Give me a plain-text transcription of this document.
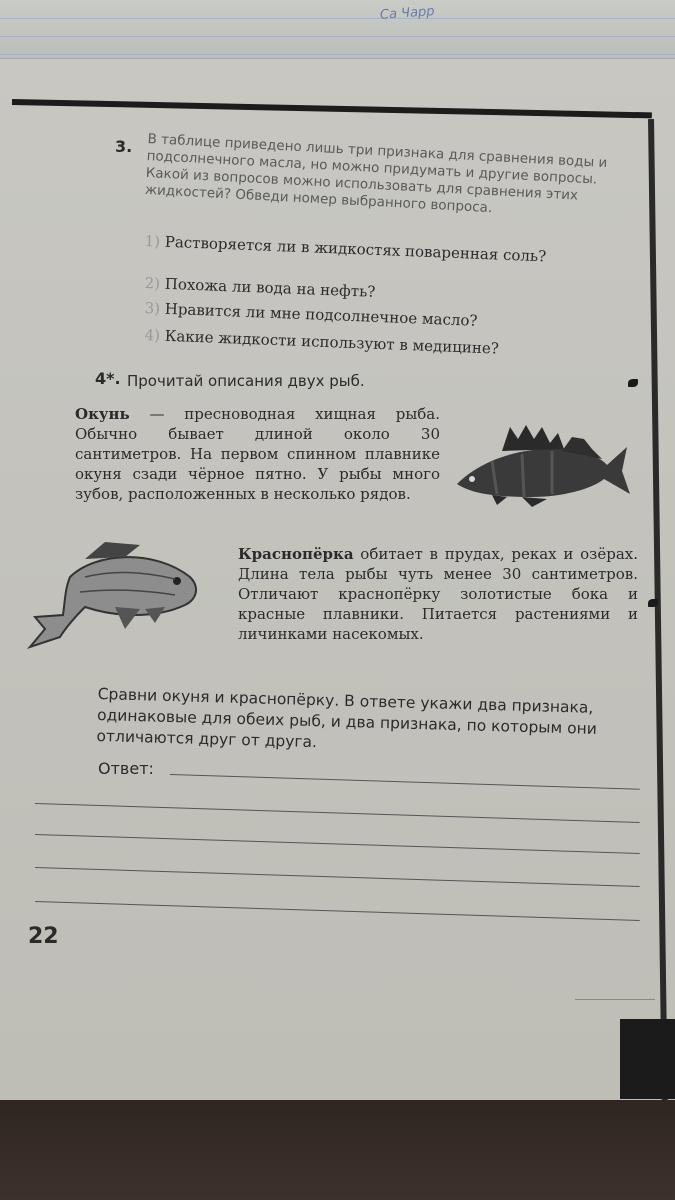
Са Чарр
3. В таблице приведено лишь три признака для сравнения воды и подсолнечного масла, но можно придумать и другие вопросы. Какой из вопросов можно использовать для сравнения этих жидкостей? Обведи номер выбранного вопроса.
1) Растворяется ли в жидкостях поваренная соль?
2) Похожа ли вода на нефть?
3) Нравится ли мне подсолнечное масло?
4) Какие жидкости используют в медицине?
4*. Прочитай описания двух рыб.
Окунь — пресноводная хищная рыба. Обычно бывает длиной около 30 сантиметров. На первом спинном плавнике окуня сзади чёрное пятно. У рыбы много зубов, расположенных в несколько рядов.
Краснопёрка обитает в прудах, реках и озёрах. Длина тела рыбы чуть менее 30 сантиметров. Отличают краснопёрку золотистые бока и красные плавники. Питается растениями и личинками насекомых.
Сравни окуня и краснопёрку. В ответе укажи два признака, одинаковые для обеих рыб, и два признака, по которым они отличаются друг от друга.
Ответ:
22
